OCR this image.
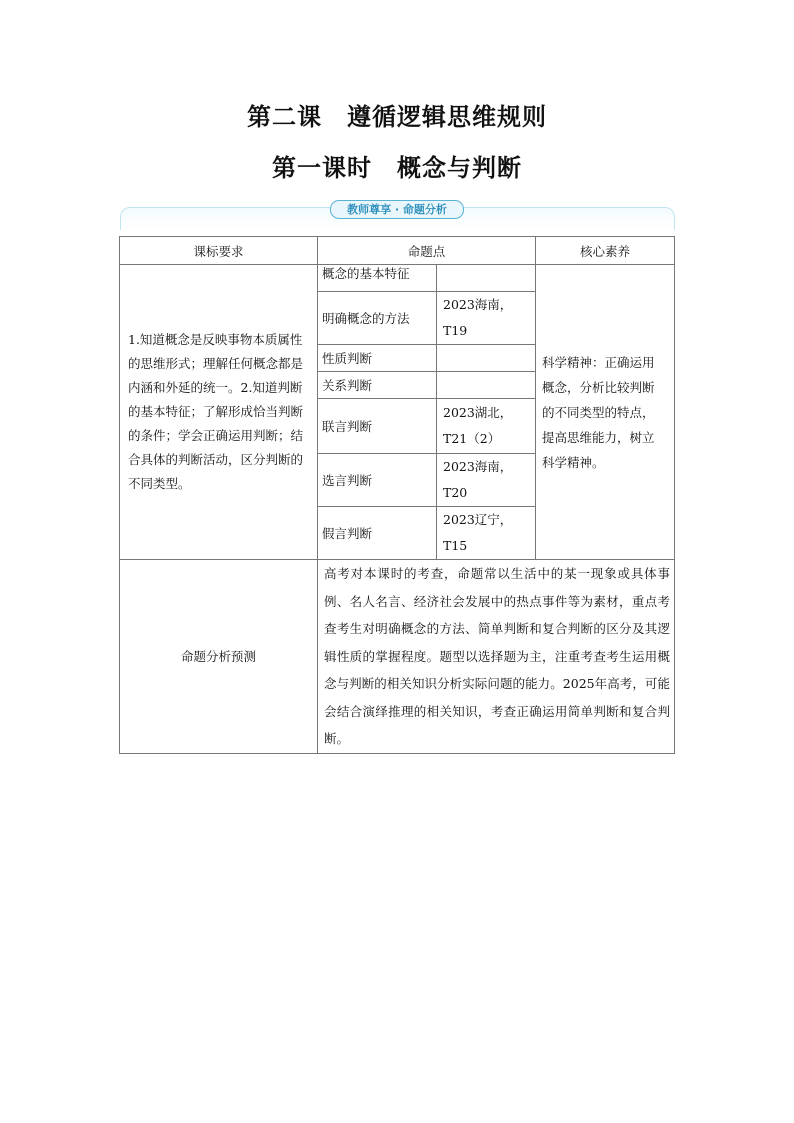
第二课　遵循逻辑思维规则
第一课时　概念与判断
教师尊享 · 命题分析
课标要求	命题点		核心素养
1.知道概念是反映事物本质属性的思维形式；理解任何概念都是内涵和外延的统一。2.知道判断的基本特征；了解形成恰当判断的条件；学会正确运用判断；结合具体的判断活动，区分判断的不同类型。	概念的基本特征		科学精神：正确运用概念，分析比较判断的不同类型的特点，提高思维能力，树立科学精神。
	明确概念的方法	2023海南，T19	
	性质判断		
	关系判断		
	联言判断	2023湖北，T21（2）	
	选言判断	2023海南，T20	
	假言判断	2023辽宁，T15	
命题分析预测	高考对本课时的考查，命题常以生活中的某一现象或具体事例、名人名言、经济社会发展中的热点事件等为素材，重点考查考生对明确概念的方法、简单判断和复合判断的区分及其逻辑性质的掌握程度。题型以选择题为主，注重考查考生运用概念与判断的相关知识分析实际问题的能力。2025年高考，可能会结合演绎推理的相关知识，考查正确运用简单判断和复合判断。		
